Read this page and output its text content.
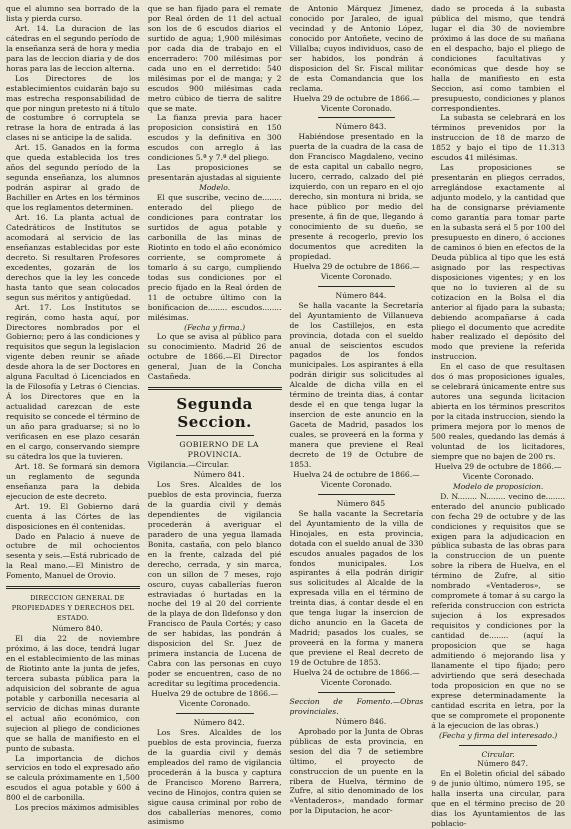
que el alumno sea borrado de la lista y pierda curso.

Art. 14. La duracion de las cátedras en el segundo período de la enseñanza será de hora y media para las de leccion diaria y de dos horas para las de leccion alterna.

Los Directores de los establecimientos cuidarán bajo su mas estrecha responsabilidad de que por ningun pretesto ni á título de costumbre ó corruptela se retrase la hora de entrada á las clases ni se anticipe la de salida.

Art. 15. Ganados en la forma que queda establecida los tres años del segundo período de la segunda enseñanza, los alumnos podrán aspirar al grado de Bachiller en Artes en los términos que los reglamentos determinen.

Art. 16. La planta actual de Catedráticos de Institutos se acomodará al servicio de las enseñanzas establecidas por este decreto. Si resultaren Profesores excedentes, gozarán de los derechos que la ley les concede hasta tanto que sean colocados segun sus méritos y antigüedad.

Art. 17. Los Institutos se regirán, como hasta aquí, por Directores nombrados por el Gobierno; pero á las condiciones y requisitos que segun la legislacion vigente deben reunir se añade desde ahora la de ser Doctores en alguna Facultad ó Licenciados en la de Filosofía y Letras ó Ciencias. Á los Directores que en la actualidad carezcan de este requisito se concede el término de un año para graduarse; si no lo verificasen en ese plazo cesarán en el cargo, conservando siempre su cátedra los que la tuvieren.

Art. 18. Se formará sin demora un reglamento de segunda enseñanza para la debida ejecucion de este decreto.

Art. 19. El Gobierno dará cuenta á las Córtes de las disposiciones en él contenidas.

Dado en Palacio á nueve de octubre de mil ochocientos sesenta y seis.—Está rubricado de la Real mano.—El Ministro de Fomento, Manuel de Orovio.

DIRECCION GENERAL DE PROPIEDADES Y DERECHOS DEL ESTADO.

Número 840.

El dia 22 de noviembre próximo, á las doce, tendrá lugar en el establecimiento de las minas de Riotinto ante la junta de jefes, tercera subasta pública para la adquisicion del sobrante de agua potable y carbonilla necesaria al servicio de dichas minas durante el actual año económico, con sujecion al pliego de condiciones que se halla de manifiesto en el punto de subasta.

La importancia de dichos servicios en todo el expresado año se calcula próximamente en 1,500 escudos el agua potable y 600 á 800 el de carbonilla.

Los precios máximos admisibles

que se han fijado para el remate por Real órden de 11 del actual son los de 6 escudos diarios el surtido de agua; 1,900 milésimas por cada dia de trabajo en el encerradero: 700 milésimas por cada uno en el derretido: 540 milésimas por el de manga; y 2 escudos 900 milésimas cada metro cúbico de tierra de salitre que se mate.

La fianza previa para hacer proposicion consistirá en 150 escudos y la definitiva en 300 escudos con arreglo á las condiciones 5.ª y 7.ª del pliego.

Las proposiciones se presentarán ajustadas al siguiente

Modelo.

El que suscribe, vecino de........ enterado del pliego de condiciones para contratar los surtidos de agua potable y carbonilla de las minas de Riotinto en todo el año económico corriente, se compromete á tomarlo á su cargo, cumpliendo todas sus condiciones por el precio fijado en la Real órden de 11 de octubre último con la bonificacion de........ escudos........ milésimas.

(Fecha y firma.)

Lo que se avisa al público para su conocimiento. Madrid 26 de octubre de 1866.—El Director general, Juan de la Concha Castañeda.

Segunda Seccion.

GOBIERNO DE LA PROVINCIA.

Vigilancia.—Circular.

Número 841.

Los Sres. Alcaldes de los pueblos de esta provincia, fuerza de la guardia civil y demás dependientes de vigilancia procederán á averiguar el paradero de una yegua llamada Bonita, castaña, con pelo blanco en la frente, calzada del pié derecho, cerrada, y sin marca, con un sillon de 7 meses, rojo oscuro, cuyas caballerías fueron estraviadas ó hurtadas en la noche del 19 al 20 del corriente de la playa de don Ildefonso y don Francisco de Paula Cortés; y caso de ser habidas, las pondrán á disposicion del Sr. Juez de primera instancia de Lucena de Cabra con las personas en cuyo poder se encuentren, caso de no acreditar su legítima procedencia.

Huelva 29 de octubre de 1866.—Vicente Coronado.

Número 842.

Los Sres. Alcaldes de los pueblos de esta provincia, fuerza de la guardia civil y demás empleados del ramo de vigilancia procederán á la busca y captura de Francisco Moreno Barrera, vecino de Hinojos, contra quien se sigue causa criminal por robo de dos caballerías menores, como asimismo

de Antonio Márquez Jimenez, conocido por Jaraleo, de igual vecindad y de Antonio López, conocido por Antoñete, vecino de Villalba; cuyos individuos, caso de ser habidos, los pondrán á disposicion del Sr. Fiscal militar de esta Comandancia que los reclama.

Huelva 29 de octubre de 1866.—Vicente Coronado.

Número 843.

Habiéndose presentado en la puerta de la cuadra de la casa de don Francisco Magdaleno, vecino de esta capital un caballo negro, lucero, cerrado, calzado del pié izquierdo, con un reparo en el ojo derecho, sin montura ni brida, se hace público por medio del presente, á fin de que, llegando á conocimiento de su dueño, se presente á recogerlo, previo los documentos que acrediten la propiedad.

Huelva 29 de octubre de 1866.—Vicente Coronado.

Número 844.

Se halla vacante la Secretaría del Ayuntamiento de Villanueva de los Castillejos, en esta provincia, dotada con el sueldo anual de seiscientos escudos pagados de los fondos municipales. Los aspirantes á ella podrán dirigir sus solicitudes al Alcalde de dicha villa en el término de treinta dias, á contar desde el en que tenga lugar la insercion de este anuncio en la Gaceta de Madrid, pasados los cuales, se proveerá en la forma y manera que previene el Real decreto de 19 de Octubre de 1853.

Huelva 24 de octubre de 1866.—Vicente Coronado.

Número 845

Se halla vacante la Secretaría del Ayuntamiento de la villa de Hinojales, en esta provincia, dotada con el sueldo anual de 330 escudos anuales pagados de los fondos municipales. Los aspirantes á ella podrán dirigir sus solicitudes al Alcalde de la expresada villa en el término de treinta dias, á contar desde el en que tenga lugar la insercion de dicho anuncio en la Gaceta de Madrid; pasados los cuales, se proveerá en la forma y manera que previene el Real decreto de 19 de Octubre de 1853.

Huelva 24 de octubre de 1866.—Vicente Coronado.

Seccion de Fomento.—Obras provinciales.

Número 846.

Aprobado por la Junta de Obras públicas de esta provincia, en sesion del dia 7 de setiembre último, el proyecto de construccion de un puente en la ribera de Huelva, término de Zufre, al sitio denominado de los «Ventaderos», mandado formar por la Diputacion, he acor-

dado se proceda á la subasta pública del mismo, que tendrá lugar el dia 30 de noviembre próximo á las doce de su mañana en el despacho, bajo el pliego de condiciones facultativas y económicas que desde hoy se halla de manifiesto en esta Seccion, así como tambien el presupuesto, condiciones y planos correspondientes.

La subasta se celebrará en los términos prevenidos por la instruccion de 18 de marzo de 1852 y bajo el tipo de 11.313 escudos 41 milésimas.

Las proposiciones se presentarán en pliegos cerrados, arreglándose exactamente al adjunto modelo, y la cantidad que ha de consignarse préviamente como garantía para tomar parte en la subasta será el 5 por 100 del presupuesto en dinero, ó acciones de caminos ó bien en efectos de la Deuda pública al tipo que les está asignado por las respectivas disposiciones vigentes; y en los que no lo tuvieren al de su cotizacion en la Bolsa el dia anterior al fijado para la subasta; debiendo acompañarse á cada pliego el documento que acredite haber realizado el depósito del modo que previene la referida instruccion.

En el caso de que resultasen dos ó mas proposiciones iguales, se celebrará únicamente entre sus autores una segunda licitacion abierta en los términos prescritos por la citada instruccion, siendo la primera mejora por lo menos de 500 reales, quedando las demás á voluntad de los licitadores, siempre que no bajen de 200 rs.

Huelva 29 de octubre de 1866.—Vicente Coronado.

Modelo de proposicion.

D. N........ N........ vecino de........ enterado del anuncio publicado con fecha 29 de octubre y de las condiciones y requisitos que se exigen para la adjudicacion en pública subasta de las obras para la construccion de un puente sobre la ribera de Huelva, en el término de Zufre, al sitio nombrado «Ventaderos», se compromete á tomar á su cargo la referida construccion con estricta sujecion á los expresados requisitos y condiciones por la cantidad de........ (aquí la proposicion que se haga admitiendo ó mejorando lisa y llanamente el tipo fijado; pero advirtiendo que será desechada toda proposicion en que no se exprese determinadamente la cantidad escrita en letra, por la que se compromete el proponente á la ejecucion de las obras.)

(Fecha y firma del interesado.)

Circular.

Número 847.

En el Boletin oficial del sábado 9 de junio último, número 195, se halla inserta una circular, para que en el término preciso de 20 dias los Ayuntamientos de las poblacio-
